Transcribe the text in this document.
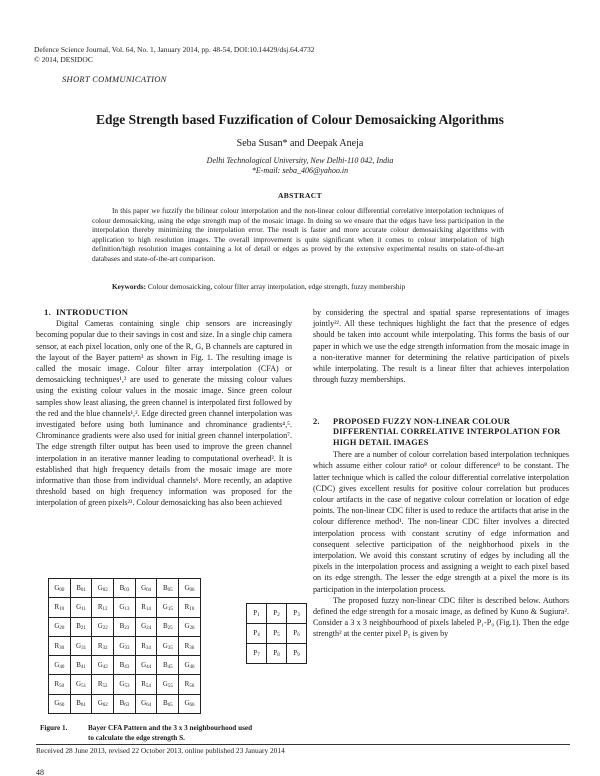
Defence Science Journal, Vol. 64, No. 1, January 2014, pp. 48-54, DOI:10.14429/dsj.64.4732
© 2014, DESIDOC
SHORT COMMUNICATION
Edge Strength based Fuzzification of Colour Demosaicking Algorithms
Seba Susan* and Deepak Aneja
Delhi Technological University, New Delhi-110 042, India
*E-mail: seba_406@yahoo.in
ABSTRACT
In this paper we fuzzify the bilinear colour interpolation and the non-linear colour differential correlative interpolation techniques of colour demosaicking, using the edge strength map of the mosaic image. In doing so we ensure that the edges have less participation in the interpolation thereby minimizing the interpolation error. The result is faster and more accurate colour demosaicking algorithms with application to high resolution images. The overall improvement is quite significant when it comes to colour interpolation of high definition/high resolution images containing a lot of detail or edges as proved by the extensive experimental results on state-of-the-art databases and state-of-the-art comparison.
Keywords: Colour demosaicking, colour filter array interpolation, edge strength, fuzzy membership
1. INTRODUCTION

Digital Cameras containing single chip sensors are increasingly becoming popular due to their savings in cost and size. In a single chip camera sensor, at each pixel location, only one of the R, G, B channels are captured in the layout of the Bayer pattern³ as shown in Fig. 1. The resulting image is called the mosaic image. Colour filter array interpolation (CFA) or demosaicking techniques¹,² are used to generate the missing colour values using the existing colour values in the mosaic image. Since green colour samples show least aliasing, the green channel is interpolated first followed by the red and the blue channels¹,². Edge directed green channel interpolation was investigated before using both luminance and chrominance gradients⁴,⁵. Chrominance gradients were also used for initial green channel interpolation⁷. The edge strength filter output has been used to improve the green channel interpolation in an iterative manner leading to computational overhead². It is established that high frequency details from the mosaic image are more informative than those from individual channels⁶. More recently, an adaptive threshold based on high frequency information was proposed for the interpolation of green pixels²³. Colour demosaicking has also been achieved

by considering the spectral and spatial sparse representations of images jointly²². All these techniques highlight the fact that the presence of edges should be taken into account while interpolating. This forms the basis of our paper in which we use the edge strength information from the mosaic image in a non-iterative manner for determining the relative participation of pixels while interpolating. The result is a linear filter that achieves interpolation through fuzzy memberships.

2.	PROPOSED FUZZY NON-LINEAR COLOUR DIFFERENTIAL CORRELATIVE INTERPOLATION FOR HIGH DETAIL IMAGES

There are a number of colour correlation based interpolation techniques which assume either colour ratio⁸ or colour difference⁹ to be constant. The latter technique which is called the colour differential correlative interpolation (CDC) gives excellent results for positive colour correlation but produces colour artifacts in the case of negative colour correlation or location of edge points. The non-linear CDC filter is used to reduce the artifacts that arise in the colour difference method¹. The non-linear CDC filter involves a directed interpolation process with constant scrutiny of edge information and consequent selective participation of the neighborhood pixels in the interpolation. We avoid this constant scrutiny of edges by including all the pixels in the interpolation process and assigning a weight to each pixel based on its edge strength. The lesser the edge strength at a pixel the more is its participation in the interpolation process.

The proposed fuzzy non-linear CDC filter is described below. Authors defined the edge strength for a mosaic image, as defined by Kuno & Sugiura². Consider a 3 x 3 neighbourhood of pixels labeled P₁-P₉ (Fig.1). Then the edge strength² at the center pixel P₅ is given by

$G_{00}$	$B_{01}$	$G_{02}$	$B_{03}$	$G_{04}$	$B_{05}$	$G_{06}$
$R_{10}$	$G_{11}$	$R_{12}$	$G_{13}$	$R_{14}$	$G_{15}$	$R_{16}$
$G_{20}$	$B_{21}$	$G_{22}$	$B_{23}$	$G_{24}$	$B_{25}$	$G_{26}$
$R_{30}$	$G_{31}$	$R_{32}$	$G_{33}$	$R_{34}$	$G_{35}$	$R_{36}$
$G_{40}$	$B_{41}$	$G_{42}$	$B_{43}$	$G_{44}$	$B_{45}$	$G_{46}$
$R_{50}$	$G_{51}$	$R_{52}$	$G_{53}$	$R_{54}$	$G_{55}$	$R_{56}$
$G_{60}$	$B_{61}$	$G_{62}$	$B_{63}$	$G_{64}$	$B_{65}$	$G_{66}$
$P_1$	$P_2$	$P_3$
$P_4$	$P_5$	$P_6$
$P_7$	$P_8$	$P_9$
Figure 1.	Bayer CFA Pattern and the 3 x 3 neighbourhood used
to calculate the edge strength S.
Received 28 June 2013, revised 22 October 2013, online published 23 January 2014
48
